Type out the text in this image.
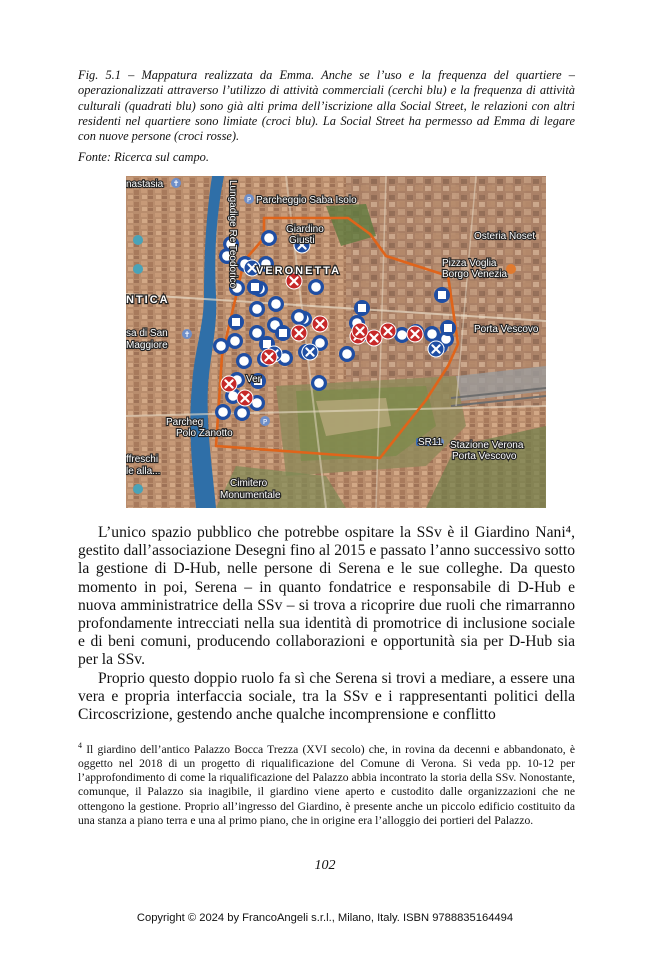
Fig. 5.1 – Mappatura realizzata da Emma. Anche se l’uso e la frequenza del quartiere – operazionalizzati attraverso l’utilizzo di attività commerciali (cerchi blu) e la frequenza di attività culturali (quadrati blu) sono già alti prima dell’iscrizione alla Social Street, le relazioni con altri residenti nel quartiere sono limiate (croci blu). La Social Street ha permesso ad Emma di legare con nuove persone (croci rosse).
Fonte: Ricerca sul campo.
✝
✝
P
P
nastasia
Parcheggio Saba Isolo
Giardino
Giusti	Osteria Noset
Pizza Voglia
Borgo Venezia
VERONETTA
NTICA
sa di San
Maggiore
Porta Vescovo
Ver
Parcheg
Polo Zanotto
SR11 Stazione Verona
Porta Vescovo
ffreschi
le alla...
Cimitero
Monumentale
Lungadige Re Teodorico

L’unico spazio pubblico che potrebbe ospitare la SSv è il Giardino Nani⁴, gestito dall’associazione Desegni fino al 2015 e passato l’anno successivo sotto la gestione di D-Hub, nelle persone di Serena e le sue colleghe. Da questo momento in poi, Serena – in quanto fondatrice e responsabile di D-Hub e nuova amministratrice della SSv – si trova a ricoprire due ruoli che rimarranno profondamente intrecciati nella sua identità di promotrice di inclusione sociale e di beni comuni, producendo collaborazioni e opportunità sia per D-Hub sia per la SSv.

Proprio questo doppio ruolo fa sì che Serena si trovi a mediare, a essere una vera e propria interfaccia sociale, tra la SSv e i rappresentanti politici della Circoscrizione, gestendo anche qualche incomprensione e conflitto

$^4$ Il giardino dell’antico Palazzo Bocca Trezza (XVI secolo) che, in rovina da decenni e abbandonato, è oggetto nel 2018 di un progetto di riqualificazione del Comune di Verona. Si veda pp. 10-12 per l’approfondimento di come la riqualificazione del Palazzo abbia incontrato la storia della SSv. Nonostante, comunque, il Palazzo sia inagibile, il giardino viene aperto e custodito dalle organizzazioni che ne ottengono la gestione. Proprio all’ingresso del Giardino, è presente anche un piccolo edificio costituito da una stanza a piano terra e una al primo piano, che in origine era l’alloggio dei portieri del Palazzo.
102
Copyright © 2024 by FrancoAngeli s.r.l., Milano, Italy. ISBN 9788835164494
